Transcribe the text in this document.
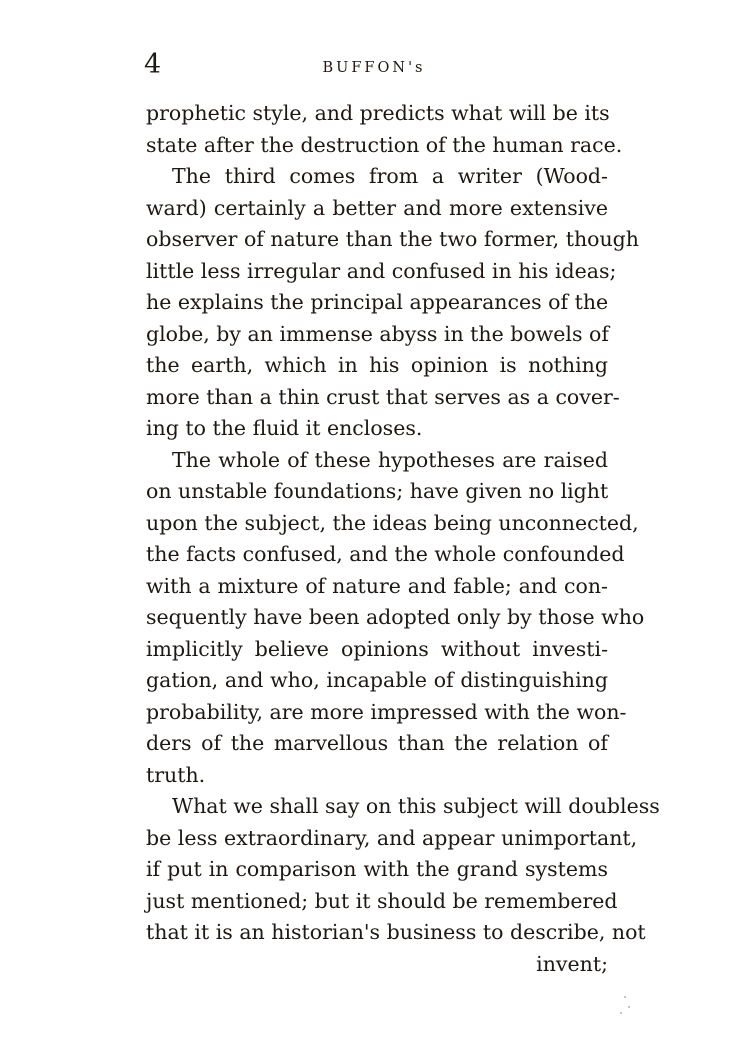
4	BUFFON's
prophetic style, and predicts what will be its
state after the destruction of the human race.
The third comes from a writer (Wood-
ward) certainly a better and more extensive
observer of nature than the two former, though
little less irregular and confused in his ideas;
he explains the principal appearances of the
globe, by an immense abyss in the bowels of
the earth, which in his opinion is nothing
more than a thin crust that serves as a cover-
ing to the fluid it encloses.
The whole of these hypotheses are raised
on unstable foundations; have given no light
upon the subject, the ideas being unconnected,
the facts confused, and the whole confounded
with a mixture of nature and fable; and con-
sequently have been adopted only by those who
implicitly believe opinions without investi-
gation, and who, incapable of distinguishing
probability, are more impressed with the won-
ders of the marvellous than the relation of
truth.
What we shall say on this subject will doubless
be less extraordinary, and appear unimportant,
if put in comparison with the grand systems
just mentioned; but it should be remembered
that it is an historian's business to describe, not
invent;
